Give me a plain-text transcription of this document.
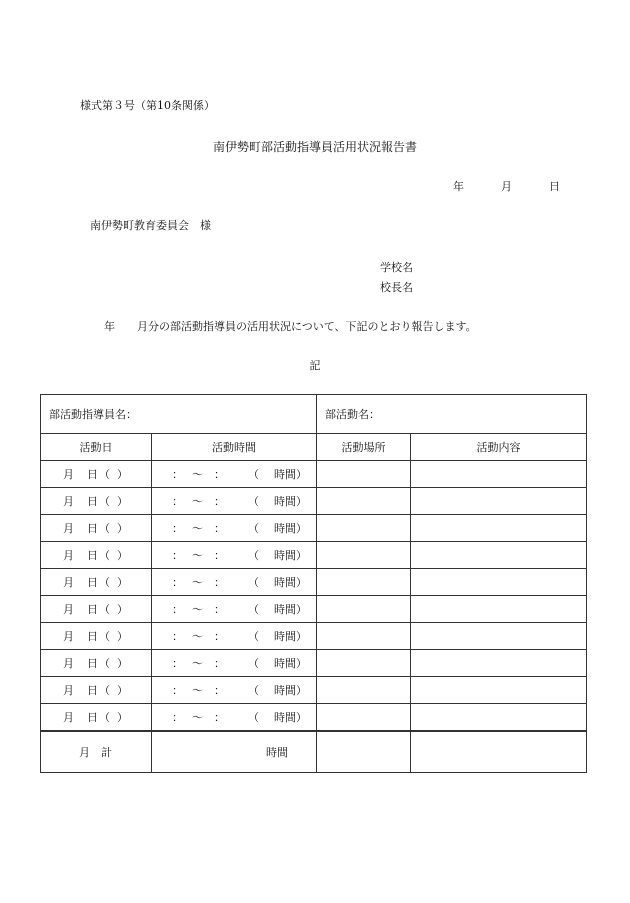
様式第３号（第10条関係）
南伊勢町部活動指導員活用状況報告書
年	月	日
南伊勢町教育委員会　様
学校名
校長名
年　　月分の部活動指導員の活用状況について、下記のとおり報告します。
記
部活動指導員名：		部活動名：	
活動日	活動時間	活動場所	活動内容

月 日 （ ）	： 〜 ： （ 時間）		

月 日 （ ）	： 〜 ： （ 時間）		

月 日 （ ）	： 〜 ： （ 時間）		

月 日 （ ）	： 〜 ： （ 時間）		

月 日 （ ）	： 〜 ： （ 時間）		

月 日 （ ）	： 〜 ： （ 時間）		

月 日 （ ）	： 〜 ： （ 時間）		

月 日 （ ）	： 〜 ： （ 時間）		

月 日 （ ）	： 〜 ： （ 時間）		

月 日 （ ）	： 〜 ： （ 時間）		

月　計	時間		
